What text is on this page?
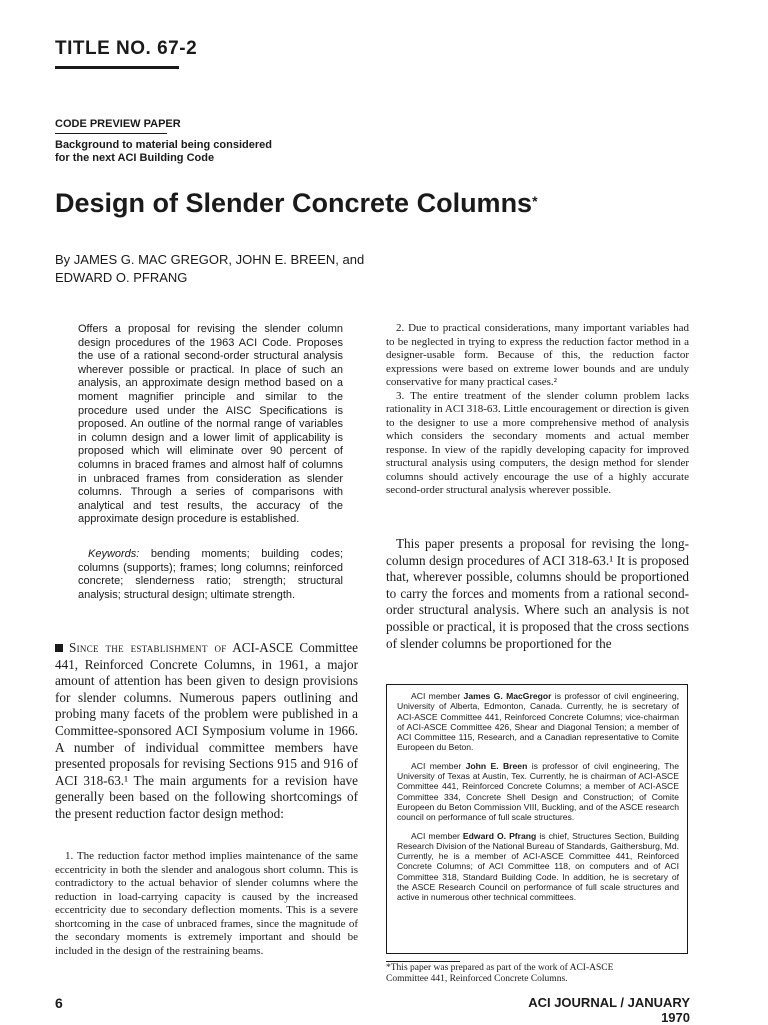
TITLE NO. 67-2
CODE PREVIEW PAPER
Background to material being considered
for the next ACI Building Code
Design of Slender Concrete Columns*
By JAMES G. MAC GREGOR, JOHN E. BREEN, and
EDWARD O. PFRANG
Offers a proposal for revising the slender column design procedures of the 1963 ACI Code. Proposes the use of a rational second-order structural analysis wherever possible or practical. In place of such an analysis, an approximate design method based on a moment magnifier principle and similar to the procedure used under the AISC Specifications is proposed. An outline of the normal range of variables in column design and a lower limit of applicability is proposed which will eliminate over 90 percent of columns in braced frames and almost half of columns in unbraced frames from consideration as slender columns. Through a series of comparisons with analytical and test results, the accuracy of the approximate design procedure is established.
Keywords: bending moments; building codes; columns (supports); frames; long columns; reinforced concrete; slenderness ratio; strength; structural analysis; structural design; ultimate strength.
Since the establishment of ACI-ASCE Committee 441, Reinforced Concrete Columns, in 1961, a major amount of attention has been given to design provisions for slender columns. Numerous papers outlining and probing many facets of the problem were published in a Committee-sponsored ACI Symposium volume in 1966. A number of individual committee members have presented proposals for revising Sections 915 and 916 of ACI 318-63.¹ The main arguments for a revision have generally been based on the following shortcomings of the present reduction factor design method:
1. The reduction factor method implies maintenance of the same eccentricity in both the slender and analogous short column. This is contradictory to the actual behavior of slender columns where the reduction in load-carrying capacity is caused by the increased eccentricity due to secondary deflection moments. This is a severe shortcoming in the case of unbraced frames, since the magnitude of the secondary moments is extremely important and should be included in the design of the restraining beams.

2. Due to practical considerations, many important variables had to be neglected in trying to express the reduction factor method in a designer-usable form. Because of this, the reduction factor expressions were based on extreme lower bounds and are unduly conservative for many practical cases.²

3. The entire treatment of the slender column problem lacks rationality in ACI 318-63. Little encouragement or direction is given to the designer to use a more comprehensive method of analysis which considers the secondary moments and actual member response. In view of the rapidly developing capacity for improved structural analysis using computers, the design method for slender columns should actively encourage the use of a highly accurate second-order structural analysis wherever possible.

This paper presents a proposal for revising the long-column design procedures of ACI 318-63.¹ It is proposed that, wherever possible, columns should be proportioned to carry the forces and moments from a rational second-order structural analysis. Where such an analysis is not possible or practical, it is proposed that the cross sections of slender columns be proportioned for the

ACI member James G. MacGregor is professor of civil engineering, University of Alberta, Edmonton, Canada. Currently, he is secretary of ACI-ASCE Committee 441, Reinforced Concrete Columns; vice-chairman of ACI-ASCE Committee 426, Shear and Diagonal Tension; a member of ACI Committee 115, Research, and a Canadian representative to Comite Europeen du Beton.

ACI member John E. Breen is professor of civil engineering, The University of Texas at Austin, Tex. Currently, he is chairman of ACI-ASCE Committee 441, Reinforced Concrete Columns; a member of ACI-ASCE Committee 334, Concrete Shell Design and Construction; of Comite Europeen du Beton Commission VIII, Buckling, and of the ASCE research council on performance of full scale structures.

ACI member Edward O. Pfrang is chief, Structures Section, Building Research Division of the National Bureau of Standards, Gaithersburg, Md. Currently, he is a member of ACI-ASCE Committee 441, Reinforced Concrete Columns; of ACI Committee 118, on computers and of ACI Committee 318, Standard Building Code. In addition, he is secretary of the ASCE Research Council on performance of full scale structures and active in numerous other technical committees.

*This paper was prepared as part of the work of ACI-ASCE
Committee 441, Reinforced Concrete Columns.
6	ACI JOURNAL / JANUARY 1970
